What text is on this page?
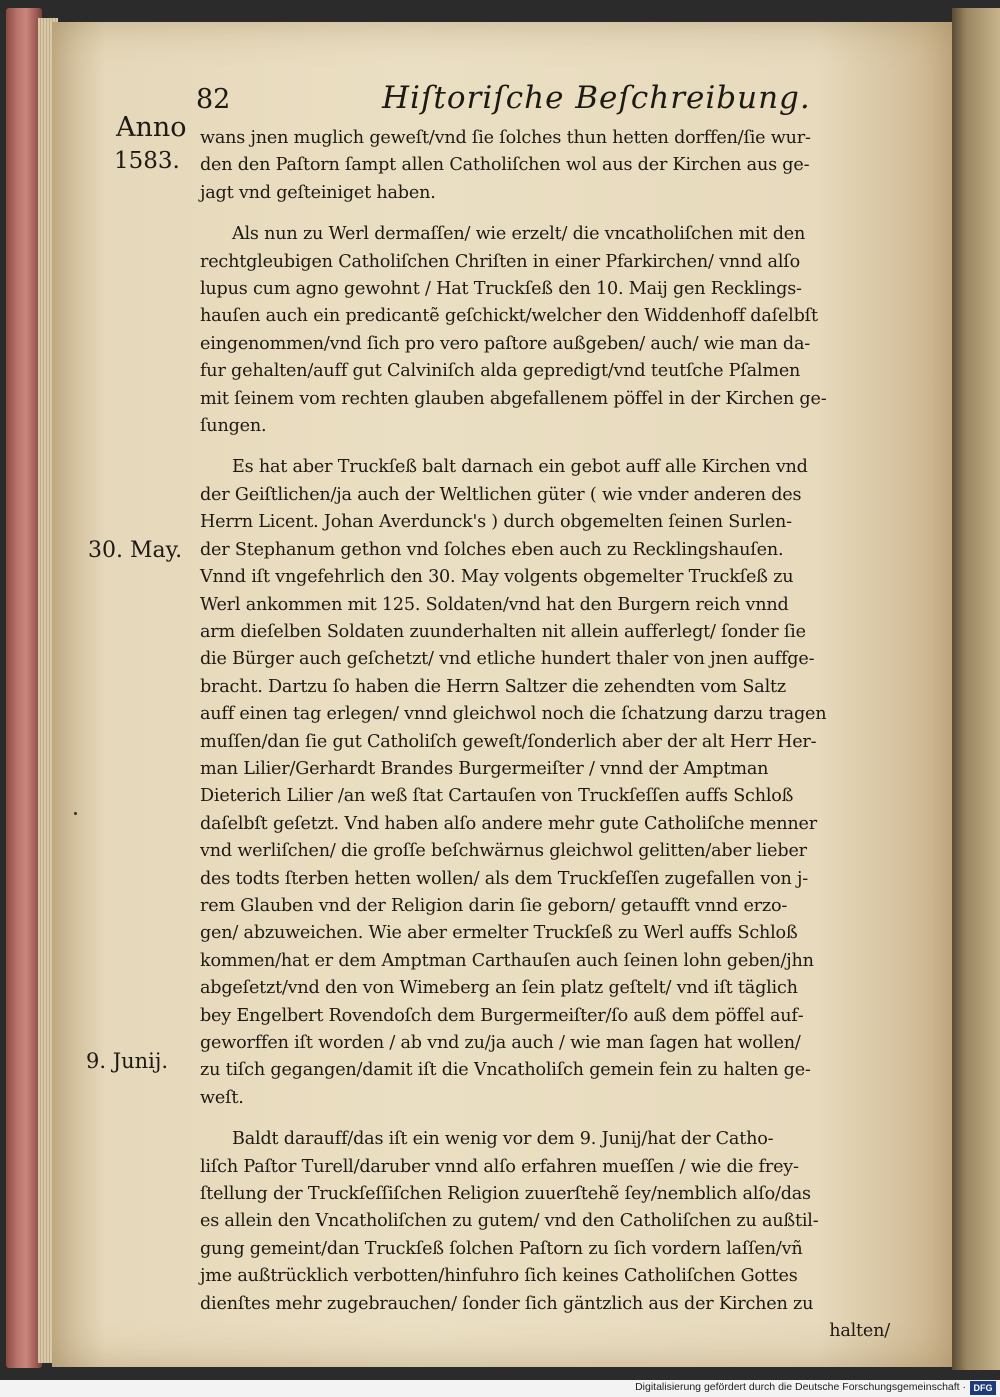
82	Hiſtoriſche Beſchreibung.
Anno
1583.
30. May.
9. Junij.
wans jnen muglich geweſt/vnd ſie ſolches thun hetten dorffen/ſie wur‑
den den Paſtorn ſampt allen Catholiſchen wol aus der Kirchen aus ge‑
jagt vnd geſteiniget haben.
Als nun zu Werl dermaſſen/ wie erzelt/ die vncatholiſchen mit den
rechtgleubigen Catholiſchen Chriſten in einer Pfarkirchen/ vnnd alſo
lupus cum agno gewohnt / Hat Truckſeß den 10. Maij gen Recklings‑
hauſen auch ein predicantẽ geſchickt/welcher den Widdenhoff daſelbſt
eingenommen/vnd ſich pro vero paſtore außgeben/ auch/ wie man da‑
fur gehalten/auff gut Calviniſch alda gepredigt/vnd teutſche Pſalmen
mit ſeinem vom rechten glauben abgefallenem pöffel in der Kirchen ge‑
ſungen.
Es hat aber Truckſeß balt darnach ein gebot auff alle Kirchen vnd
der Geiſtlichen/ja auch der Weltlichen güter ( wie vnder anderen des
Herrn Licent. Johan Averdunck's ) durch obgemelten ſeinen Surlen‑
der Stephanum gethon vnd ſolches eben auch zu Recklingshauſen.
Vnnd iſt vngefehrlich den 30. May volgents obgemelter Truckſeß zu
Werl ankommen mit 125. Soldaten/vnd hat den Burgern reich vnnd
arm dieſelben Soldaten zuunderhalten nit allein aufferlegt/ ſonder ſie
die Bürger auch geſchetzt/ vnd etliche hundert thaler von jnen auffge‑
bracht. Dartzu ſo haben die Herrn Saltzer die zehendten vom Saltz
auff einen tag erlegen/ vnnd gleichwol noch die ſchatzung darzu tragen
muſſen/dan ſie gut Catholiſch geweſt/ſonderlich aber der alt Herr Her‑
man Lilier/Gerhardt Brandes Burgermeiſter / vnnd der Amptman
Dieterich Lilier /an weß ſtat Cartauſen von Truckſeſſen auffs Schloß
daſelbſt geſetzt. Vnd haben alſo andere mehr gute Catholiſche menner
vnd werliſchen/ die groſſe beſchwärnus gleichwol gelitten/aber lieber
des todts ſterben hetten wollen/ als dem Truckſeſſen zugefallen von j‑
rem Glauben vnd der Religion darin ſie geborn/ getaufft vnnd erzo‑
gen/ abzuweichen. Wie aber ermelter Truckſeß zu Werl auffs Schloß
kommen/hat er dem Amptman Carthauſen auch ſeinen lohn geben/jhn
abgeſetzt/vnd den von Wimeberg an ſein platz geſtelt/ vnd iſt täglich
bey Engelbert Rovendoſch dem Burgermeiſter/ſo auß dem pöffel auf‑
geworffen iſt worden / ab vnd zu/ja auch / wie man ſagen hat wollen/
zu tiſch gegangen/damit iſt die Vncatholiſch gemein fein zu halten ge‑
weſt.
Baldt darauff/das iſt ein wenig vor dem 9. Junij/hat der Catho‑
liſch Paſtor Turell/daruber vnnd alſo erfahren mueſſen / wie die frey‑
ſtellung der Truckſeſſiſchen Religion zuuerſtehẽ ſey/nemblich alſo/das
es allein den Vncatholiſchen zu gutem/ vnd den Catholiſchen zu außtil‑
gung gemeint/dan Truckſeß ſolchen Paſtorn zu ſich vordern laſſen/vñ
jme außtrücklich verbotten/hinfuhro ſich keines Catholiſchen Gottes
dienſtes mehr zugebrauchen/ ſonder ſich gäntzlich aus der Kirchen zu
halten/
Digitalisierung gefördert durch die Deutsche Forschungsgemeinschaft · DFG
